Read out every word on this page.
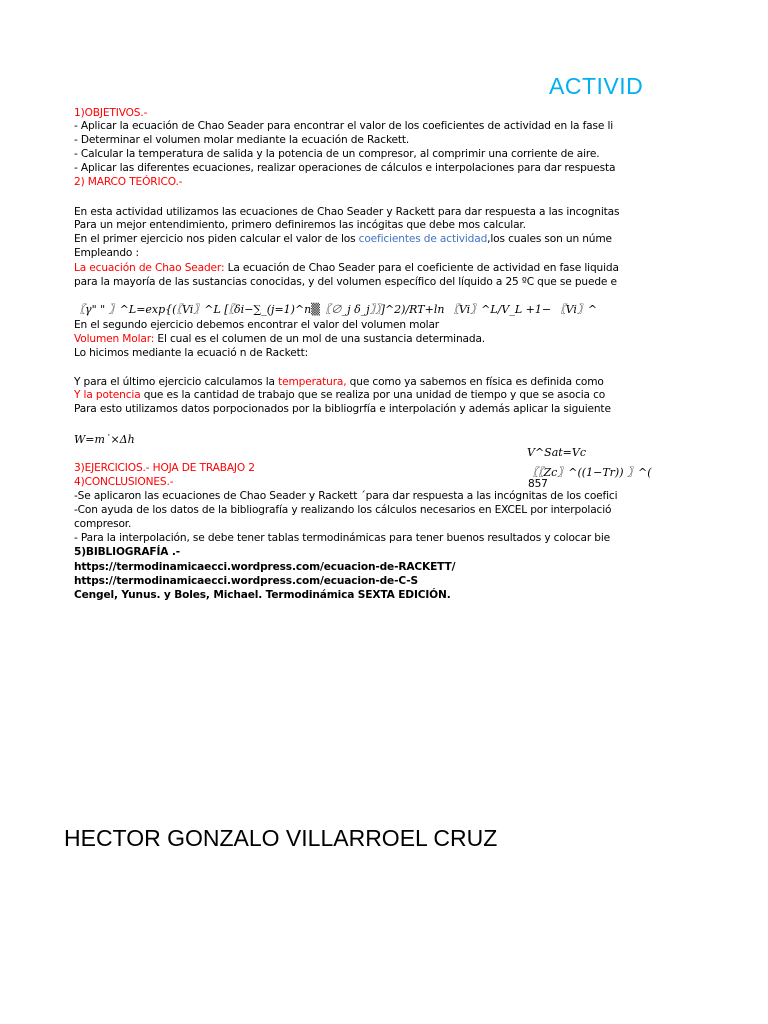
ACTIVID
1)OBJETIVOS.-
- Aplicar la ecuación de Chao Seader para encontrar el valor de los coeficientes de actividad en la fase li
- Determinar el volumen molar mediante la ecuación de Rackett.
- Calcular la temperatura de salida y la potencia de un compresor, al comprimir una corriente de aire.
- Aplicar las diferentes ecuaciones, realizar operaciones de cálculos e interpolaciones para dar respuesta
2) MARCO TEÓRICO.-
En esta actividad utilizamos las ecuaciones de Chao Seader y Rackett para dar respuesta a las incognitas
Para un mejor entendimiento, primero definiremos las incógitas que debe mos calcular.
En el primer ejercicio nos piden calcular el valor de los coeficientes de actividad,los cuales son un núme
Empleando :
La ecuación de Chao Seader: La ecuación de Chao Seader para el coeficiente de actividad en fase liquida
para la mayoría de las sustancias conocidas, y del volumen específico del líquido a 25 ºC que se puede e
〖γ" " 〗^L=exp{(〖Vi〗^L [〖δi−∑_(j=1)^n▒〖∅_j δ_j〗〗]^2)/RT+ln 〖Vi〗^L/V_L +1− 〖Vi〗^
En el segundo ejercicio debemos encontrar el valor del volumen molar
Volumen Molar: El cual es el columen de un mol de una sustancia determinada.
Lo hicimos mediante la ecuació n de Rackett:
Y para el último ejercicio calculamos la temperatura, que como ya sabemos en física es definida como
Y la potencia que es la cantidad de trabajo que se realiza por una unidad de tiempo y que se asocia co
Para esto utilizamos datos porpocionados por la bibliogrfía e interpolación y además aplicar la siguiente
W=m˙×Δh
V^Sat=Vc
〖〖Zc〗^((1−Tr)) 〗^(
857
3)EJERCICIOS.- HOJA DE TRABAJO 2
4)CONCLUSIONES.-
-Se aplicaron las ecuaciones de Chao Seader y Rackett ´para dar respuesta a las incógnitas de los coefici
-Con ayuda de los datos de la bibliografía y realizando los cálculos necesarios en EXCEL por interpolació
compresor.
- Para la interpolación, se debe tener tablas termodinámicas para tener buenos resultados y colocar bie
5)BIBLIOGRAFÍA .-
https://termodinamicaecci.wordpress.com/ecuacion-de-RACKETT/
https://termodinamicaecci.wordpress.com/ecuacion-de-C-S
Cengel, Yunus. y Boles, Michael. Termodinámica SEXTA EDICIÓN.
HECTOR GONZALO VILLARROEL CRUZ
